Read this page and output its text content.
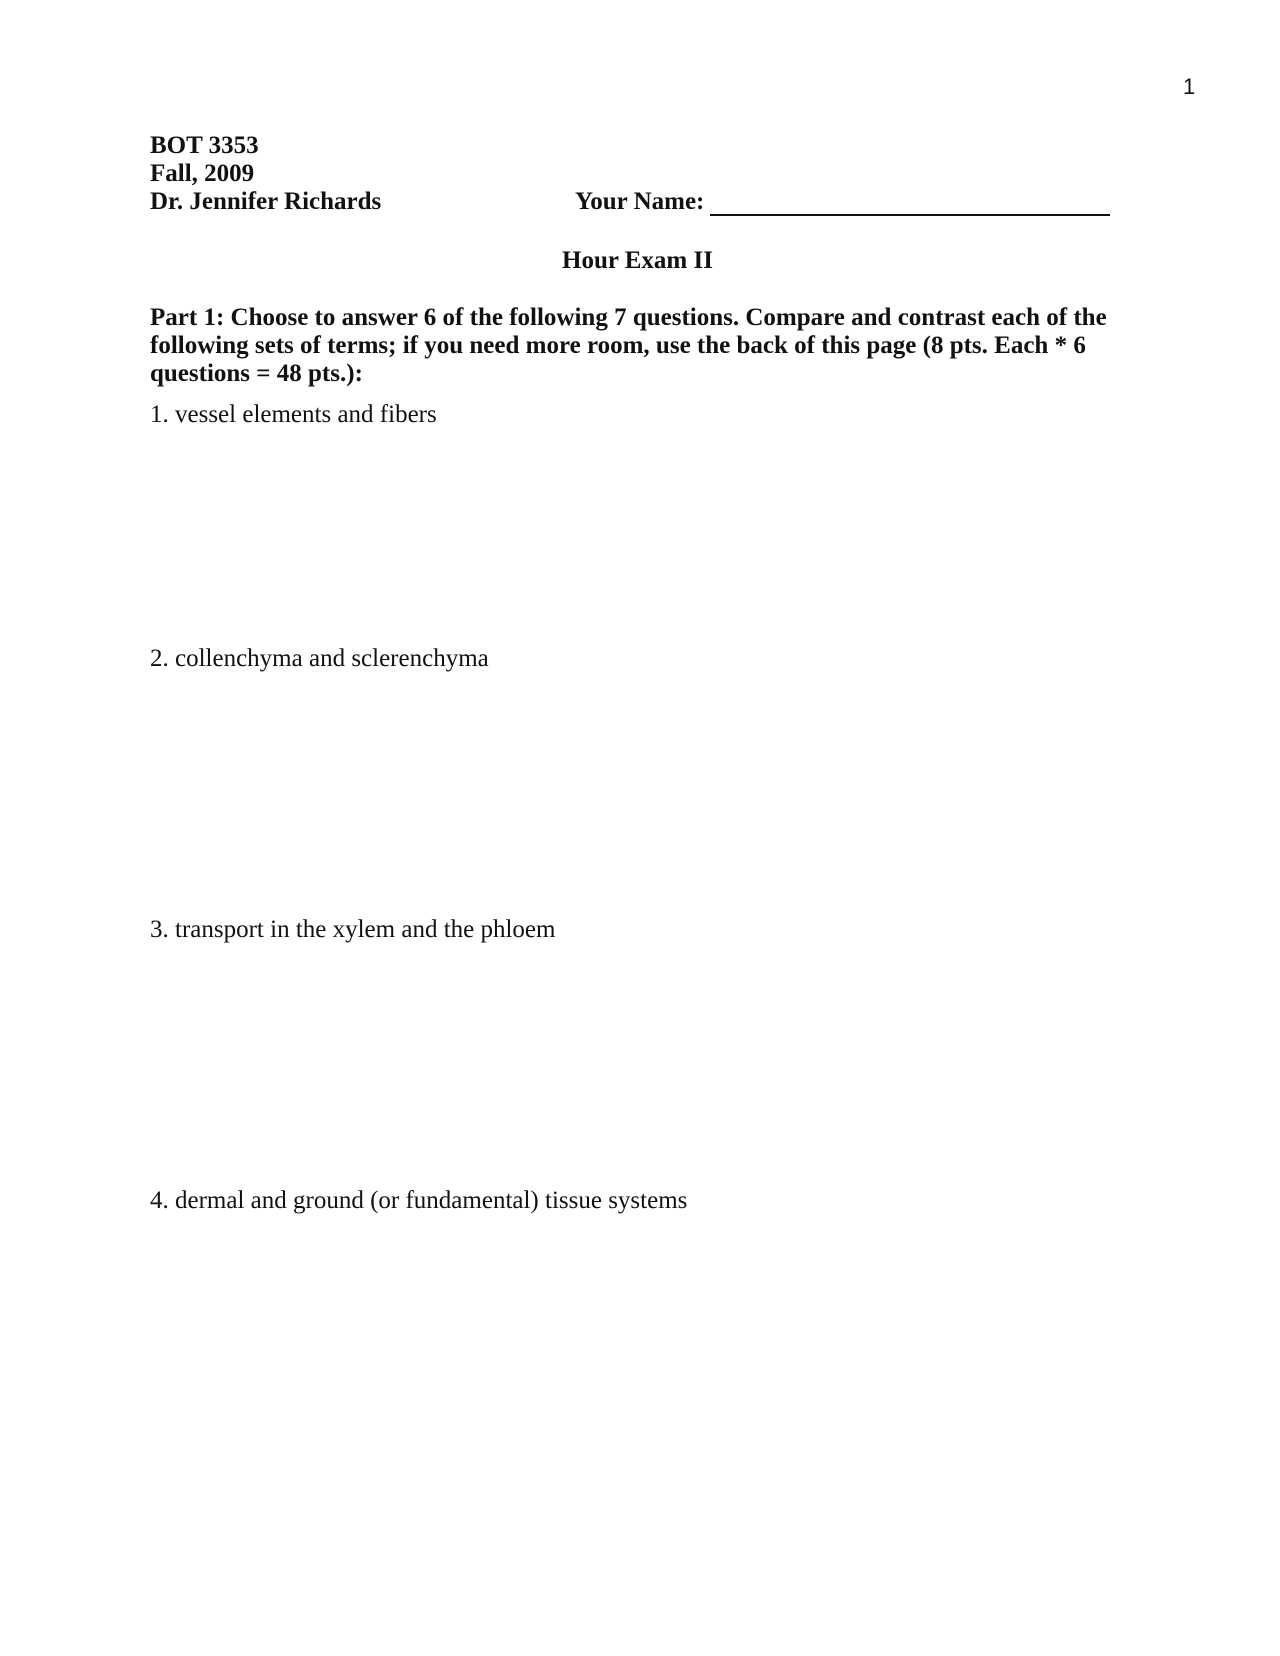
1
BOT 3353
Fall, 2009
Dr. Jennifer Richards	Your Name:
Hour Exam II
Part 1: Choose to answer 6 of the following 7 questions. Compare and contrast each of the
following sets of terms; if you need more room, use the back of this page (8 pts. Each * 6
questions = 48 pts.):
1. vessel elements and fibers
2. collenchyma and sclerenchyma
3. transport in the xylem and the phloem
4. dermal and ground (or fundamental) tissue systems
